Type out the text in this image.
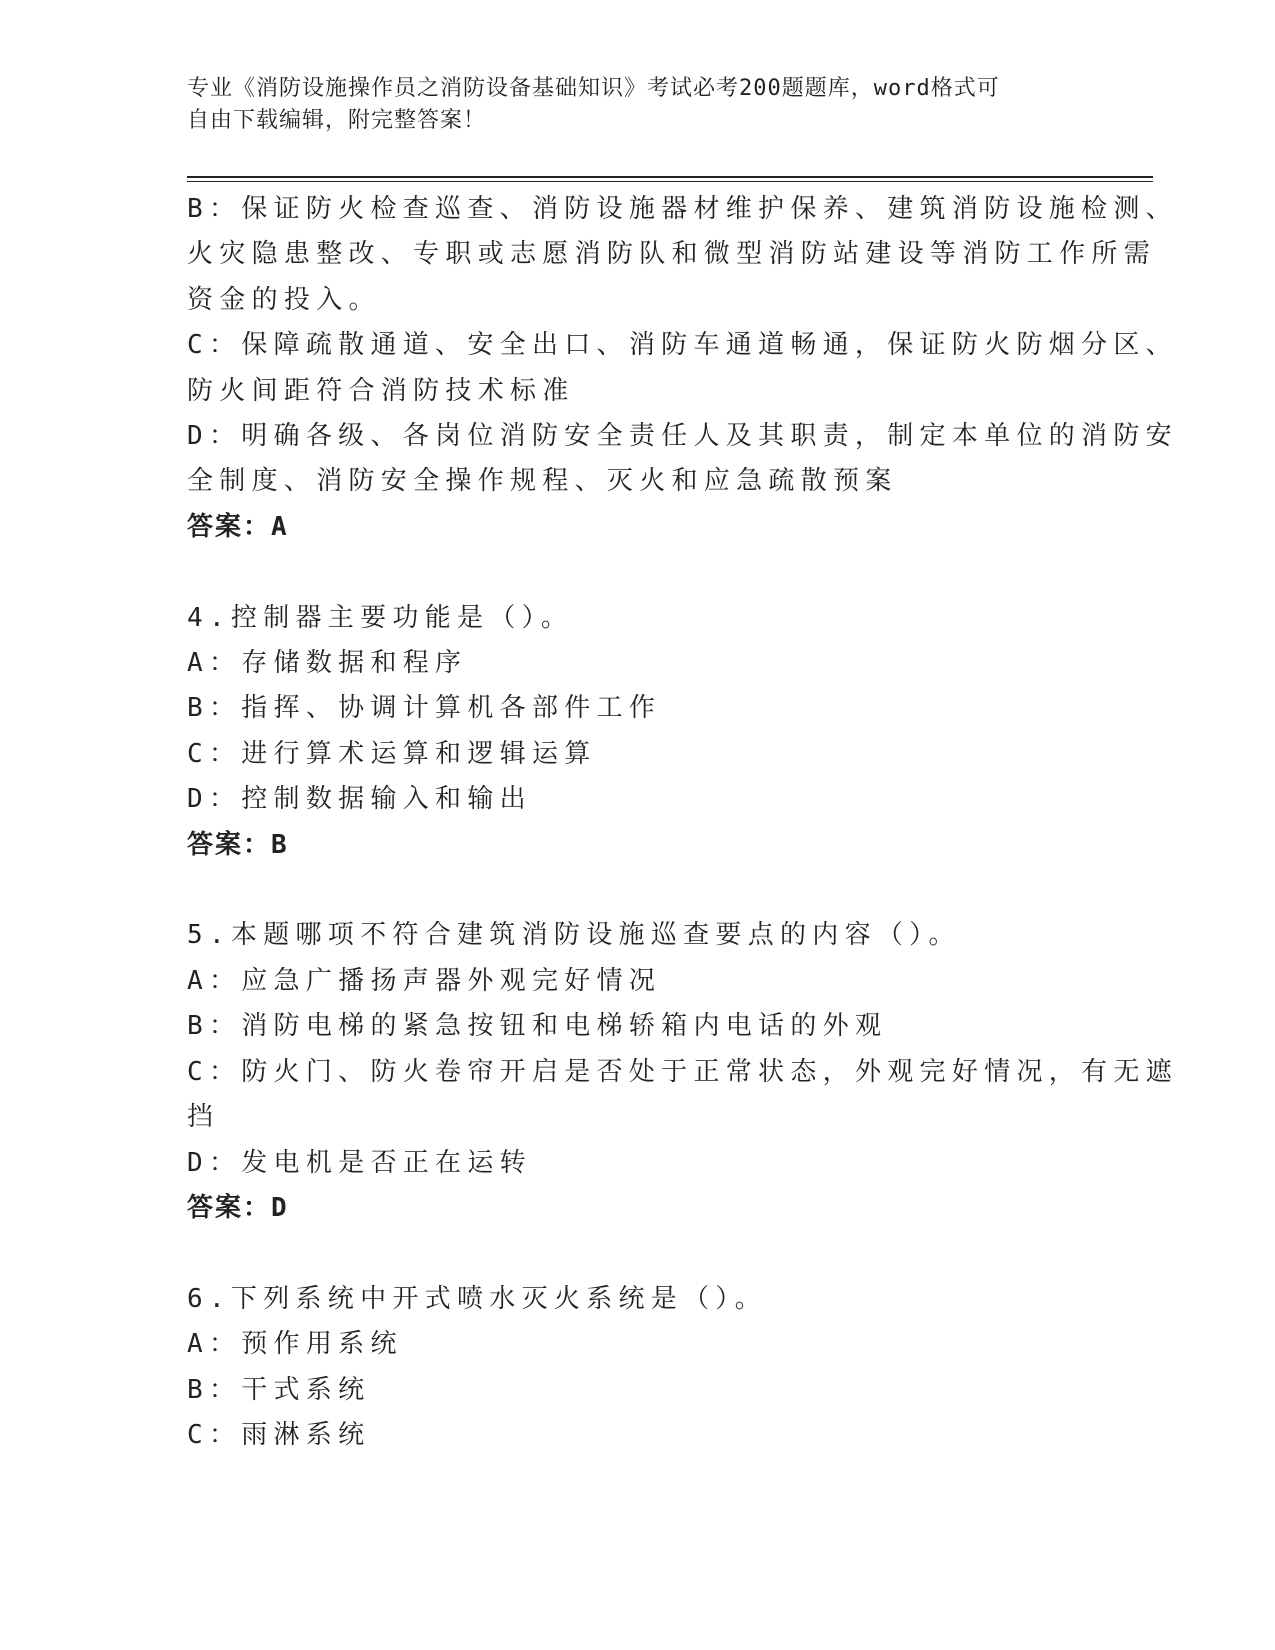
专业《消防设施操作员之消防设备基础知识》考试必考200题题库，word格式可
自由下载编辑，附完整答案！
B：保证防火检查巡查、消防设施器材维护保养、建筑消防设施检测、
火灾隐患整改、专职或志愿消防队和微型消防站建设等消防工作所需
资金的投入。
C：保障疏散通道、安全出口、消防车通道畅通，保证防火防烟分区、
防火间距符合消防技术标准
D：明确各级、各岗位消防安全责任人及其职责，制定本单位的消防安
全制度、消防安全操作规程、灭火和应急疏散预案
答案：A
4.控制器主要功能是（）。
A：存储数据和程序
B：指挥、协调计算机各部件工作
C：进行算术运算和逻辑运算
D：控制数据输入和输出
答案：B
5.本题哪项不符合建筑消防设施巡查要点的内容（）。
A：应急广播扬声器外观完好情况
B：消防电梯的紧急按钮和电梯轿箱内电话的外观
C：防火门、防火卷帘开启是否处于正常状态，外观完好情况，有无遮
挡
D：发电机是否正在运转
答案：D
6.下列系统中开式喷水灭火系统是（）。
A：预作用系统
B：干式系统
C：雨淋系统
